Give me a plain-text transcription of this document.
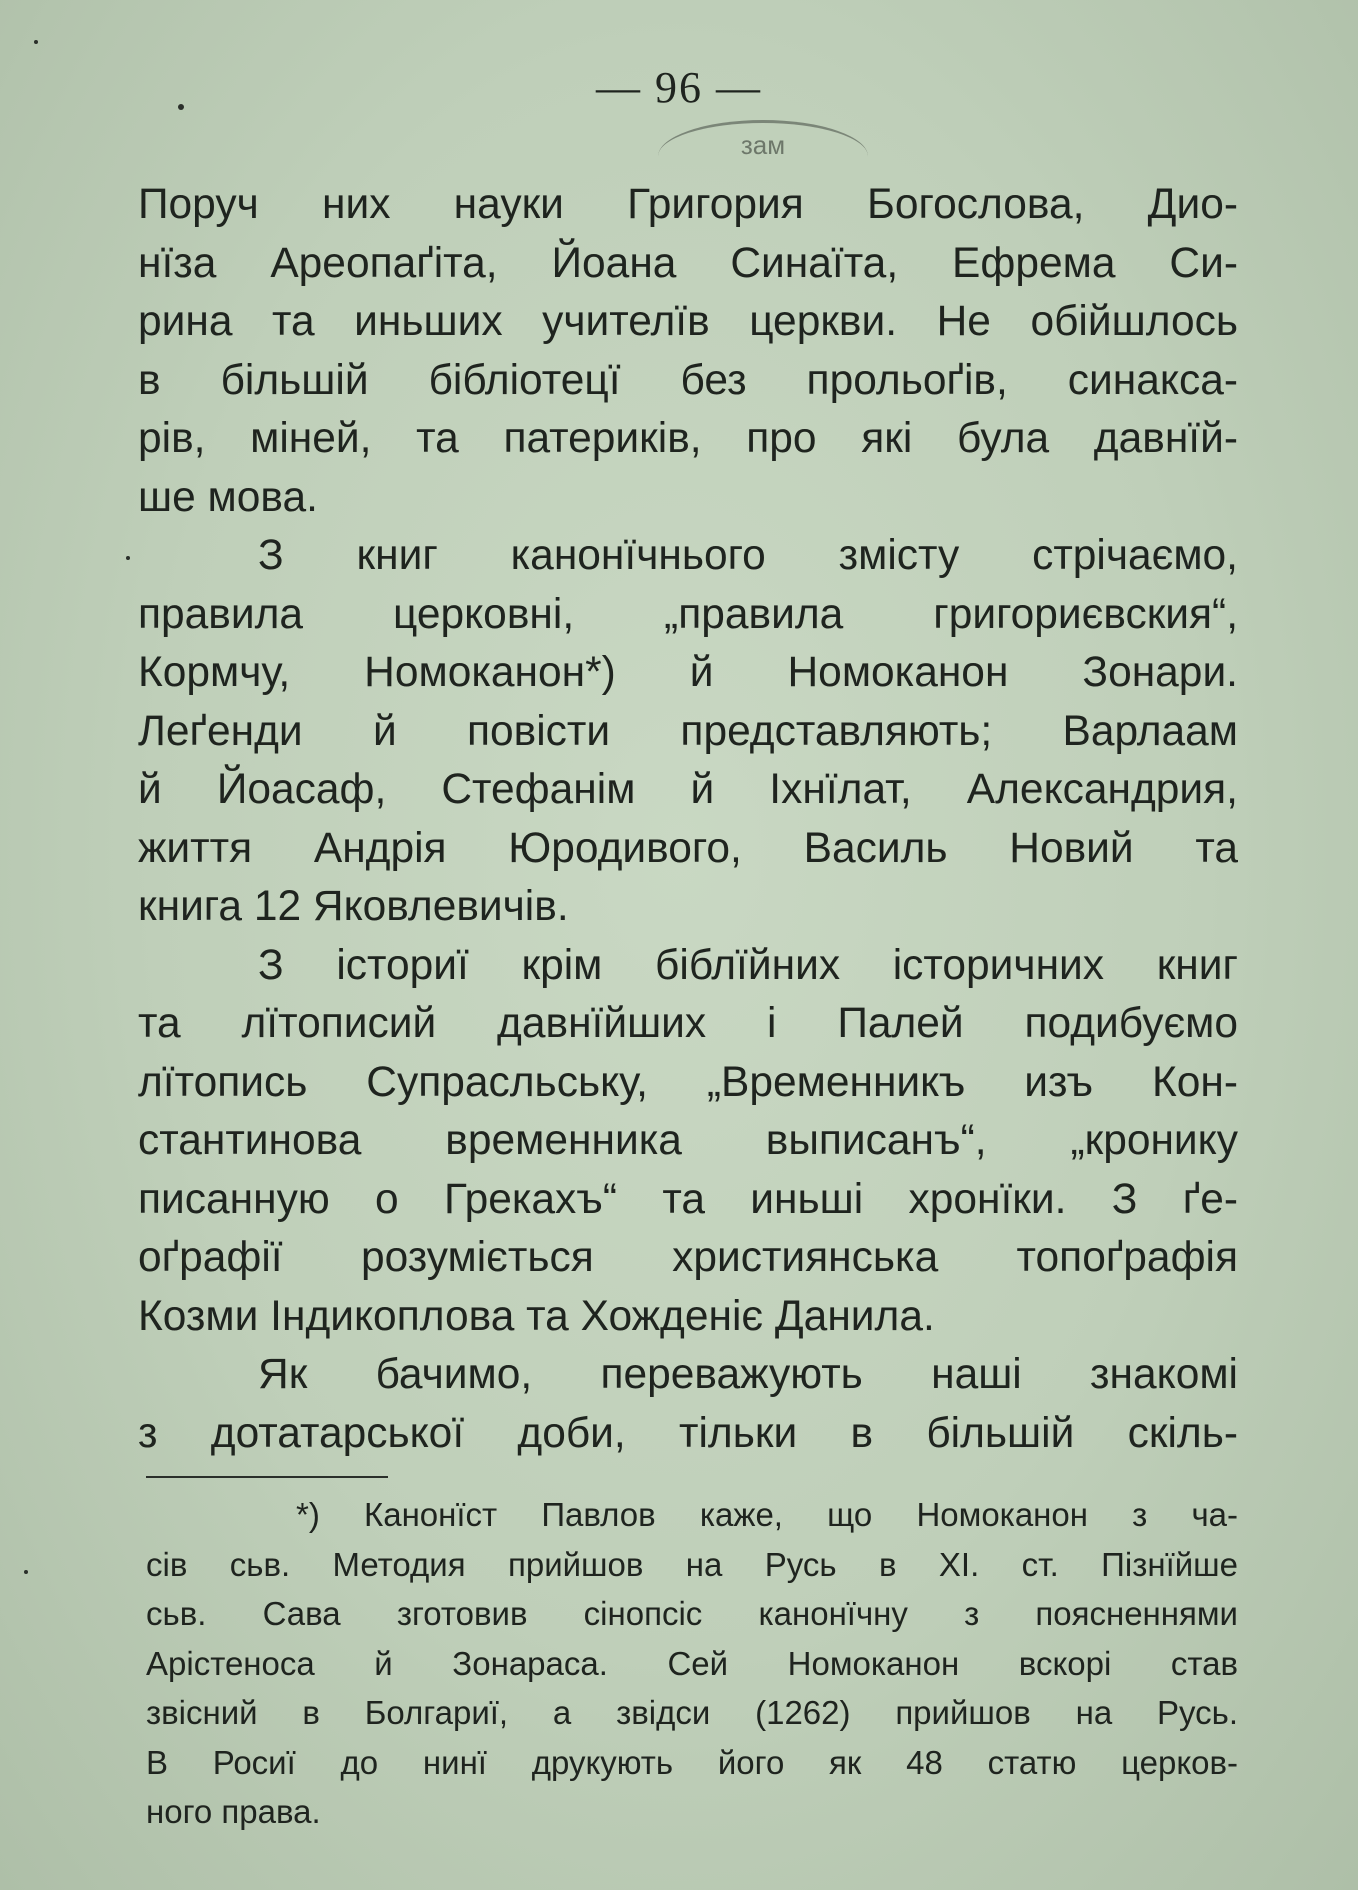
— 96 —
зам
Поруч них науки Григория Богослова, Дио-
нїза Ареопаґіта, Йоана Синаїта, Ефрема Си-
рина та иньших учителїв церкви. Не обійшлось
в більшій бібліотецї без прольоґів, синакса-
рів, міней, та патериків, про які була давнїй-
ше мова.
З книг канонїчнього змісту стрічаємо,
правила церковні, „правила григориєвския“,
Кормчу, Номоканон*) й Номоканон Зонари.
Леґенди й повісти представляють; Варлаам
й Йоасаф, Стефанім й Іхнїлат, Александрия,
життя Андрія Юродивого, Василь Новий та
книга 12 Яковлевичів.
З істориї крім біблїйних історичних книг
та лїтописий давнїйших і Палей подибуємо
лїтопись Супрасльську, „Временникъ изъ Кон-
стантинова временника выписанъ“, „кронику
писанную о Грекахъ“ та иньші хронїки. З ґе-
оґрафії розуміється християнська топоґрафія
Козми Індикоплова та Хожденіє Данила.
Як бачимо, переважують наші знакомі
з дотатарської доби, тільки в більшій скіль-
*) Канонїст Павлов каже, що Номоканон з ча-
сів сьв. Методия прийшов на Русь в XI. ст. Пізнїйше
сьв. Сава зготовив сінопсіс канонїчну з поясненнями
Арістеноса й Зонараса. Сей Номоканон вскорі став
звісний в Болгариї, а звідси (1262) прийшов на Русь.
В Росиї до нинї друкують його як 48 статю церков-
ного права.
